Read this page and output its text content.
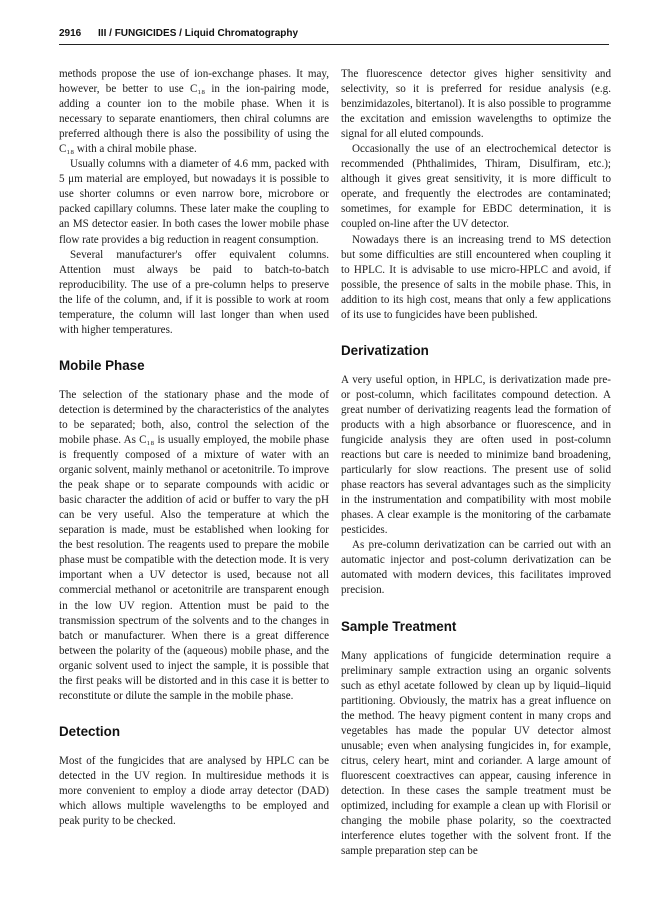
2916 III / FUNGICIDES / Liquid Chromatography

methods propose the use of ion-exchange phases. It may, however, be better to use C₁₈ in the ion-pairing mode, adding a counter ion to the mobile phase. When it is necessary to separate enantiomers, then chiral columns are preferred although there is also the possibility of using the C₁₈ with a chiral mobile phase.

Usually columns with a diameter of 4.6 mm, packed with 5 μm material are employed, but nowadays it is possible to use shorter columns or even narrow bore, microbore or packed capillary columns. These later make the coupling to an MS detector easier. In both cases the lower mobile phase flow rate provides a big reduction in reagent consumption.

Several manufacturer's offer equivalent columns. Attention must always be paid to batch-to-batch reproducibility. The use of a pre-column helps to preserve the life of the column, and, if it is possible to work at room temperature, the column will last longer than when used with higher temperatures.

Mobile Phase

The selection of the stationary phase and the mode of detection is determined by the characteristics of the analytes to be separated; both, also, control the selection of the mobile phase. As C₁₈ is usually employed, the mobile phase is frequently composed of a mixture of water with an organic solvent, mainly methanol or acetonitrile. To improve the peak shape or to separate compounds with acidic or basic character the addition of acid or buffer to vary the pH can be very useful. Also the temperature at which the separation is made, must be established when looking for the best resolution. The reagents used to prepare the mobile phase must be compatible with the detection mode. It is very important when a UV detector is used, because not all commercial methanol or acetonitrile are transparent enough in the low UV region. Attention must be paid to the transmission spectrum of the solvents and to the changes in batch or manufacturer. When there is a great difference between the polarity of the (aqueous) mobile phase, and the organic solvent used to inject the sample, it is possible that the first peaks will be distorted and in this case it is better to reconstitute or dilute the sample in the mobile phase.

Detection

Most of the fungicides that are analysed by HPLC can be detected in the UV region. In multiresidue methods it is more convenient to employ a diode array detector (DAD) which allows multiple wavelengths to be employed and peak purity to be checked.

The fluorescence detector gives higher sensitivity and selectivity, so it is preferred for residue analysis (e.g. benzimidazoles, bitertanol). It is also possible to programme the excitation and emission wavelengths to optimize the signal for all eluted compounds.

Occasionally the use of an electrochemical detector is recommended (Phthalimides, Thiram, Disulfiram, etc.); although it gives great sensitivity, it is more difficult to operate, and frequently the electrodes are contaminated; sometimes, for example for EBDC determination, it is coupled on-line after the UV detector.

Nowadays there is an increasing trend to MS detection but some difficulties are still encountered when coupling it to HPLC. It is advisable to use micro-HPLC and avoid, if possible, the presence of salts in the mobile phase. This, in addition to its high cost, means that only a few applications of its use to fungicides have been published.

Derivatization

A very useful option, in HPLC, is derivatization made pre- or post-column, which facilitates compound detection. A great number of derivatizing reagents lead the formation of products with a high absorbance or fluorescence, and in fungicide analysis they are often used in post-column reactions but care is needed to minimize band broadening, particularly for slow reactions. The present use of solid phase reactors has several advantages such as the simplicity in the instrumentation and compatibility with most mobile phases. A clear example is the monitoring of the carbamate pesticides.

As pre-column derivatization can be carried out with an automatic injector and post-column derivatization can be automated with modern devices, this facilitates improved precision.

Sample Treatment

Many applications of fungicide determination require a preliminary sample extraction using an organic solvents such as ethyl acetate followed by clean up by liquid–liquid partitioning. Obviously, the matrix has a great influence on the method. The heavy pigment content in many crops and vegetables has made the popular UV detector almost unusable; even when analysing fungicides in, for example, citrus, celery heart, mint and coriander. A large amount of fluorescent coextractives can appear, causing inference in detection. In these cases the sample treatment must be optimized, including for example a clean up with Florisil or changing the mobile phase polarity, so the coextracted interference elutes together with the solvent front. If the sample preparation step can be
